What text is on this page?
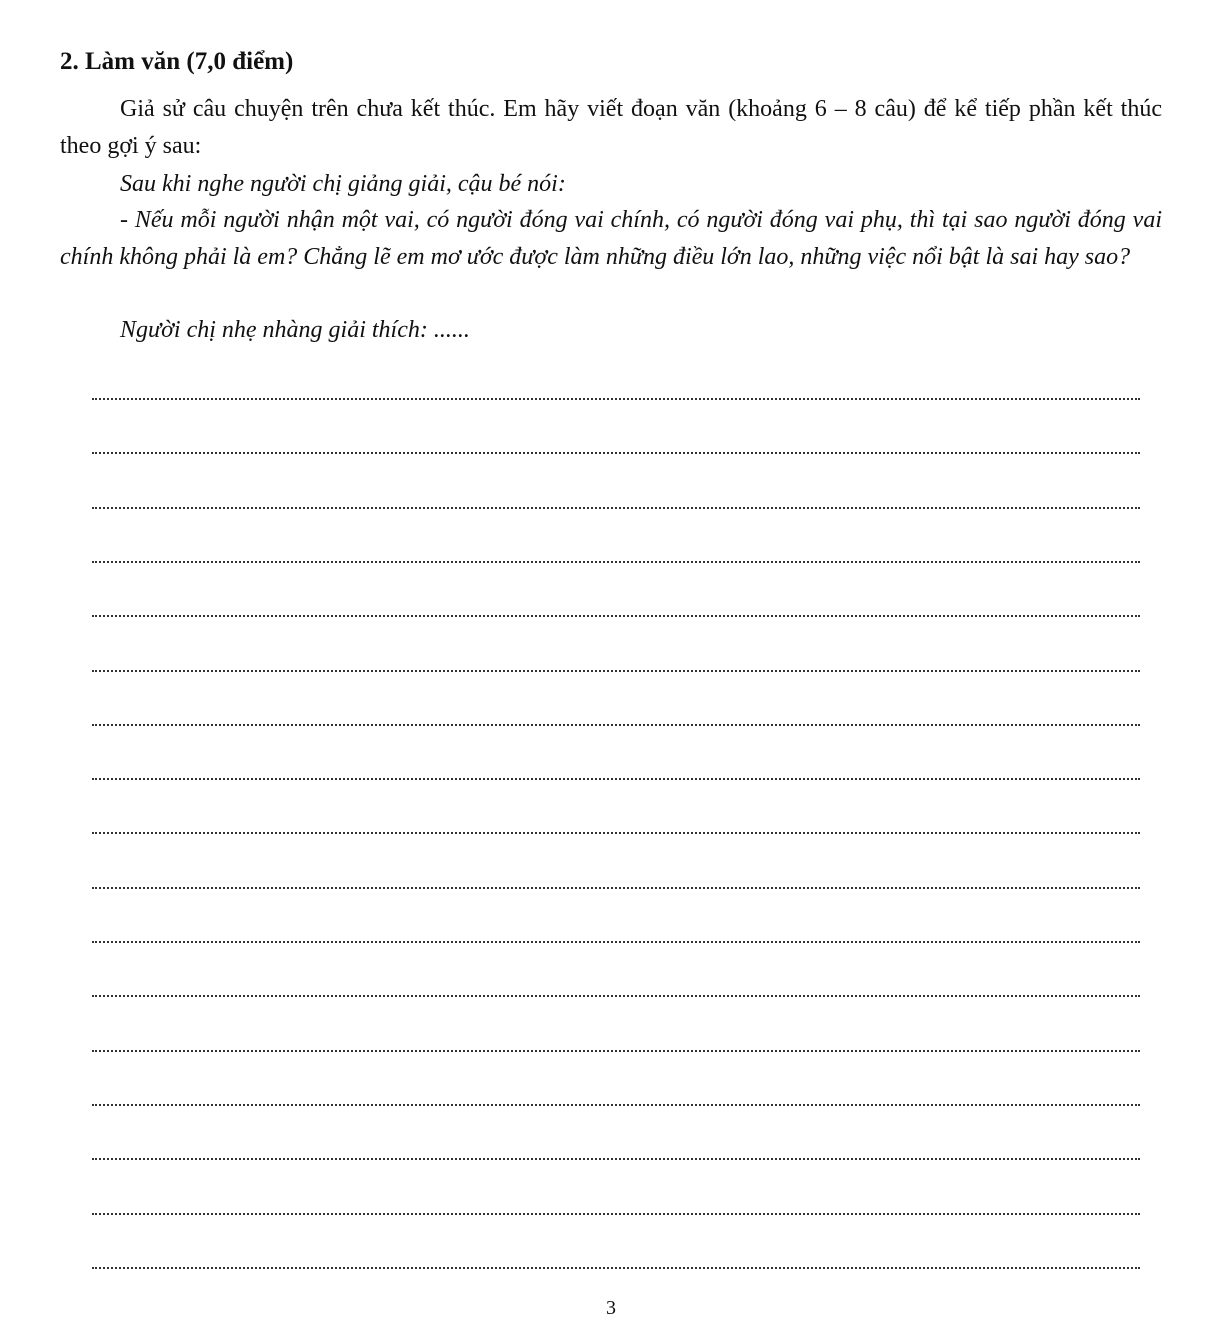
2. Làm văn (7,0 điểm)

Giả sử câu chuyện trên chưa kết thúc. Em hãy viết đoạn văn (khoảng 6 – 8 câu) để kể tiếp phần kết thúc theo gợi ý sau:

Sau khi nghe người chị giảng giải, cậu bé nói:

- Nếu mỗi người nhận một vai, có người đóng vai chính, có người đóng vai phụ, thì tại sao người đóng vai chính không phải là em? Chẳng lẽ em mơ ước được làm những điều lớn lao, những việc nổi bật là sai hay sao?

Người chị nhẹ nhàng giải thích: ......
3
